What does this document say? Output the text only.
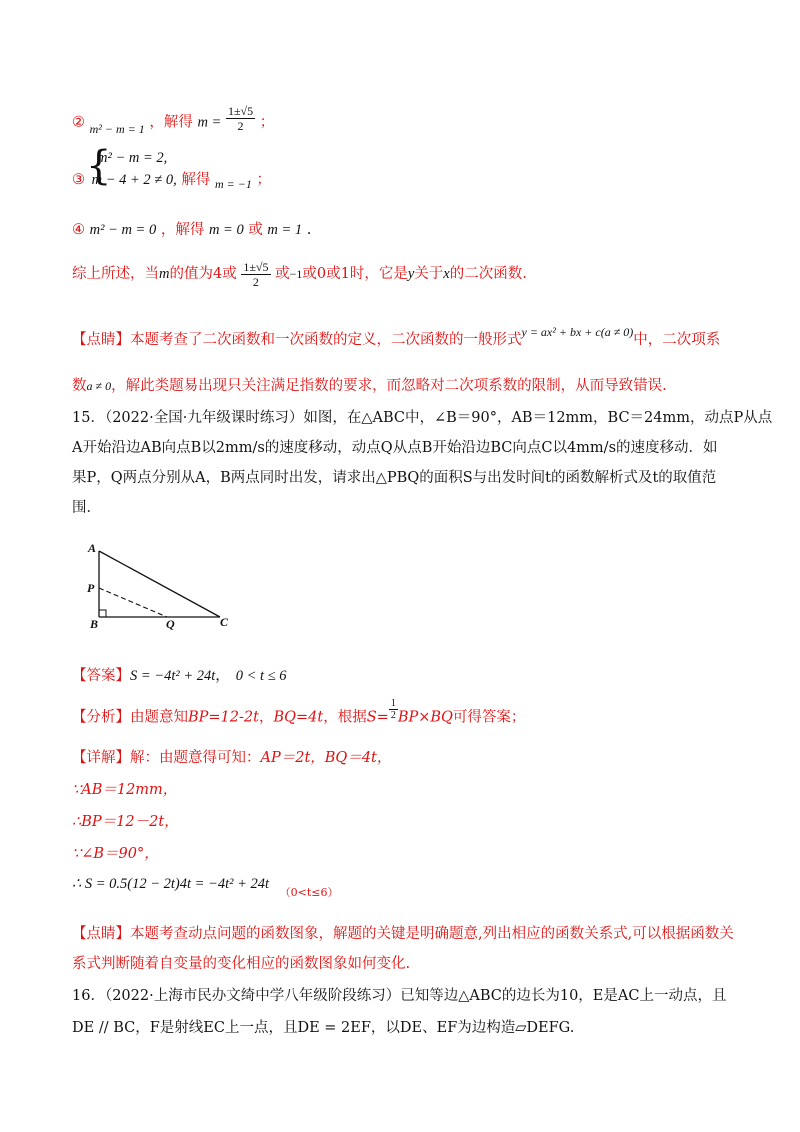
② $_{m^2 - m = 1}$ ，解得 $m = \frac{1\pm√5}{2}$ ；
{
m² − m = 2,
③ m − 4 + 2 ≠ 0, 解得 $_{m = -1}$ ；
④ m² − m = 0 ，解得 m = 0 或 m = 1 .
综上所述，当m的值为4或 $\frac{1\pm√5}{2}$ 或−1或0或1时，它是y关于x的二次函数.
【点睛】本题考查了二次函数和一次函数的定义，二次函数的一般形式$^{y = ax^2 + bx + c(a \ne 0)}$中，二次项系
数a ≠ 0，解此类题易出现只关注满足指数的要求，而忽略对二次项系数的限制，从而导致错误.
15．（2022·全国·九年级课时练习）如图，在△ABC中，∠B＝90°，AB＝12mm，BC＝24mm，动点P从点
A开始沿边AB向点B以2mm/s的速度移动，动点Q从点B开始沿边BC向点C以4mm/s的速度移动．如
果P，Q两点分别从A，B两点同时出发，请求出△PBQ的面积S与出发时间t的函数解析式及t的取值范
围．
A
P
B	Q	C
【答案】S = −4t² + 24t， 0 < t ≤ 6
【分析】由题意知BP=12-2t，BQ=4t，根据$S= \frac{1}{2} BP\times BQ$可得答案；
【详解】解：由题意得可知：AP＝2t，BQ＝4t，
∵AB＝12mm，
∴BP＝12－2t，
∵∠B＝90°，
∴ S = 0.5(12 − 2t)4t = −4t² + 24t $_{(0<t\le 6)}$
【点睛】本题考查动点问题的函数图象，解题的关键是明确题意,列出相应的函数关系式,可以根据函数关
系式判断随着自变量的变化相应的函数图象如何变化.
16．（2022·上海市民办文绮中学八年级阶段练习）已知等边△ABC的边长为10，E是AC上一动点，且
DE // BC，F是射线EC上一点，且DE = 2EF，以DE、EF为边构造▱DEFG.
